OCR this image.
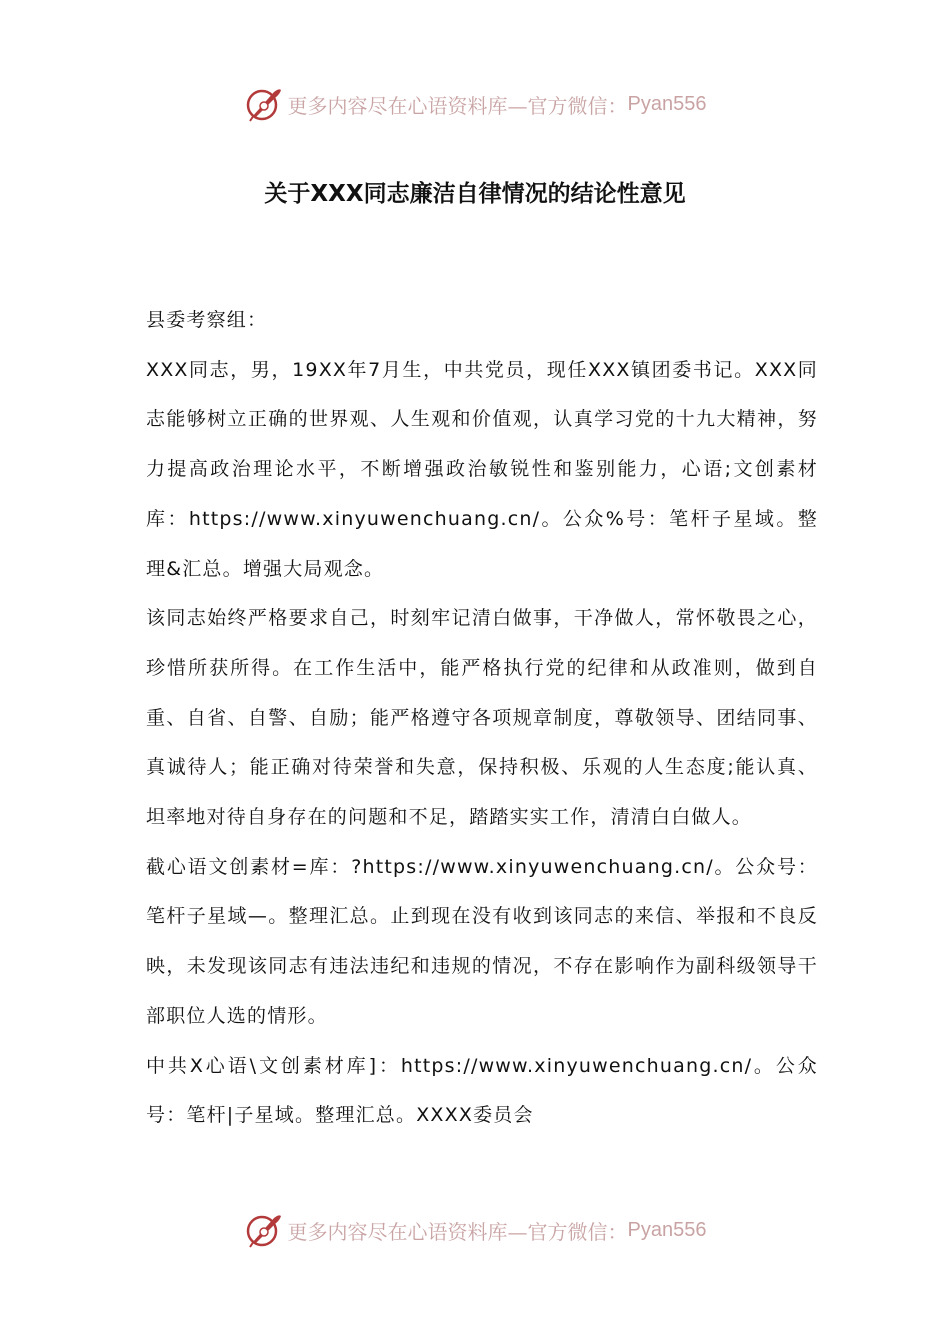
更多内容尽在心语资料库—官方微信： Pyan556
关于XXX同志廉洁自律情况的结论性意见

县委考察组：

XXX同志，男，19XX年7月生，中共党员，现任XXX镇团委书记。XXX同志能够树立正确的世界观、人生观和价值观，认真学习党的十九大精神，努力提高政治理论水平，不断增强政治敏锐性和鉴别能力，心语;文创素材库：https://www.xinyuwenchuang.cn/。公众%号：笔杆子星域。整理&汇总。增强大局观念。

该同志始终严格要求自己，时刻牢记清白做事，干净做人，常怀敬畏之心，珍惜所获所得。在工作生活中，能严格执行党的纪律和从政准则，做到自重、自省、自警、自励；能严格遵守各项规章制度，尊敬领导、团结同事、真诚待人；能正确对待荣誉和失意，保持积极、乐观的人生态度;能认真、坦率地对待自身存在的问题和不足，踏踏实实工作，清清白白做人。

截心语文创素材=库：?https://www.xinyuwenchuang.cn/。公众号：笔杆子星域—。整理汇总。止到现在没有收到该同志的来信、举报和不良反映，未发现该同志有违法违纪和违规的情况，不存在影响作为副科级领导干部职位人选的情形。

中共X心语\文创素材库]：https://www.xinyuwenchuang.cn/。公众号：笔杆|子星域。整理汇总。XXXX委员会

更多内容尽在心语资料库—官方微信： Pyan556
